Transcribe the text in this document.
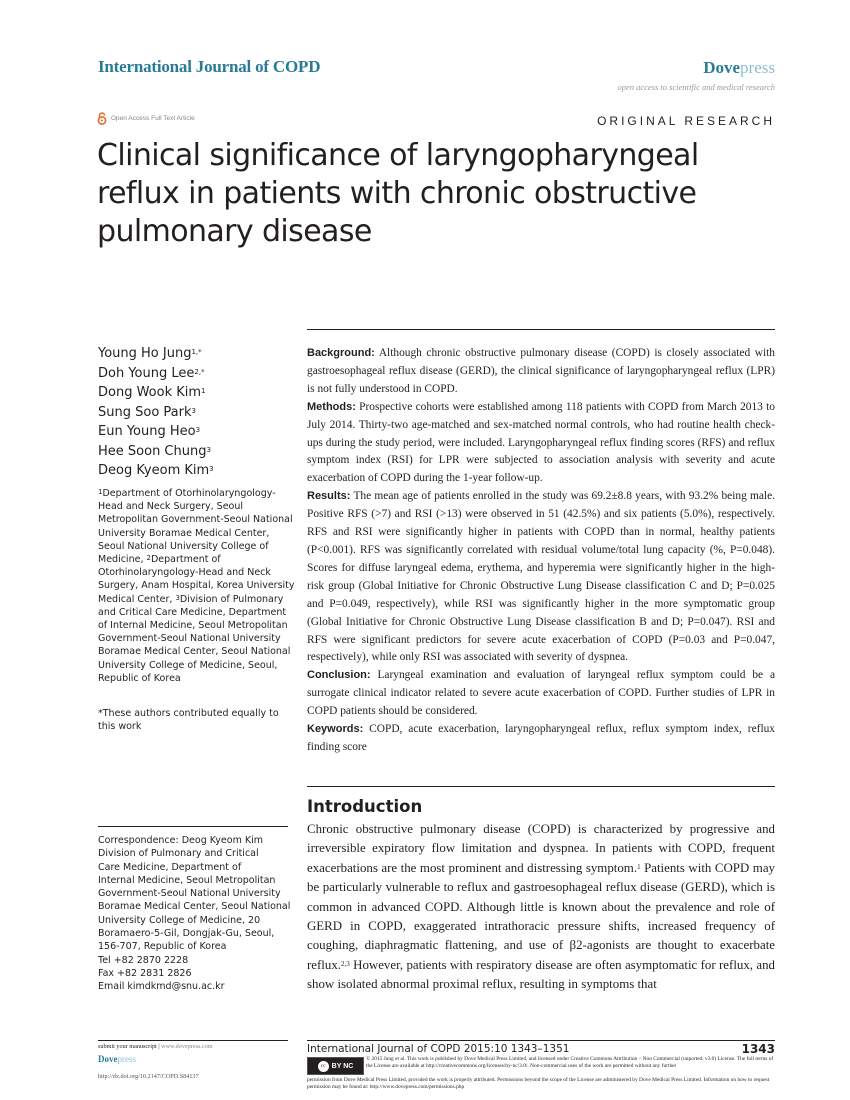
International Journal of COPD	Dovepress
open access to scientific and medical research
Open Access Full Text Article	ORIGINAL RESEARCH
Clinical significance of laryngopharyngeal reflux in patients with chronic obstructive pulmonary disease
Young Ho Jung$^{1,*}$
Doh Young Lee$^{2,*}$
Dong Wook Kim$^1$
Sung Soo Park$^3$
Eun Young Heo$^3$
Hee Soon Chung$^3$
Deog Kyeom Kim$^3$
$^1$Department of Otorhinolaryngology-Head and Neck Surgery, Seoul Metropolitan Government-Seoul National University Boramae Medical Center, Seoul National University College of Medicine, $^2$Department of Otorhinolaryngology-Head and Neck Surgery, Anam Hospital, Korea University Medical Center, $^3$Division of Pulmonary and Critical Care Medicine, Department of Internal Medicine, Seoul Metropolitan Government-Seoul National University Boramae Medical Center, Seoul National University College of Medicine, Seoul, Republic of Korea
*These authors contributed equally to this work
Correspondence: Deog Kyeom Kim
Division of Pulmonary and Critical
Care Medicine, Department of
Internal Medicine, Seoul Metropolitan
Government-Seoul National University
Boramae Medical Center, Seoul National
University College of Medicine, 20
Boramaero-5-Gil, Dongjak-Gu, Seoul,
156-707, Republic of Korea
Tel +82 2870 2228
Fax +82 2831 2826
Email kimdkmd@snu.ac.kr

Background: Although chronic obstructive pulmonary disease (COPD) is closely associated with gastroesophageal reflux disease (GERD), the clinical significance of laryngopharyngeal reflux (LPR) is not fully understood in COPD.

Methods: Prospective cohorts were established among 118 patients with COPD from March 2013 to July 2014. Thirty-two age-matched and sex-matched normal controls, who had routine health check-ups during the study period, were included. Laryngopharyngeal reflux finding scores (RFS) and reflux symptom index (RSI) for LPR were subjected to association analysis with severity and acute exacerbation of COPD during the 1-year follow-up.

Results: The mean age of patients enrolled in the study was 69.2±8.8 years, with 93.2% being male. Positive RFS (>7) and RSI (>13) were observed in 51 (42.5%) and six patients (5.0%), respectively. RFS and RSI were significantly higher in patients with COPD than in normal, healthy patients (P<0.001). RFS was significantly correlated with residual volume/total lung capacity (%, P=0.048). Scores for diffuse laryngeal edema, erythema, and hyperemia were significantly higher in the high-risk group (Global Initiative for Chronic Obstructive Lung Disease classification C and D; P=0.025 and P=0.049, respectively), while RSI was significantly higher in the more symptomatic group (Global Initiative for Chronic Obstructive Lung Disease classification B and D; P=0.047). RSI and RFS were significant predictors for severe acute exacerbation of COPD (P=0.03 and P=0.047, respectively), while only RSI was associated with severity of dyspnea.

Conclusion: Laryngeal examination and evaluation of laryngeal reflux symptom could be a surrogate clinical indicator related to severe acute exacerbation of COPD. Further studies of LPR in COPD patients should be considered.

Keywords: COPD, acute exacerbation, laryngopharyngeal reflux, reflux symptom index, reflux finding score

Introduction
Chronic obstructive pulmonary disease (COPD) is characterized by progressive and irreversible expiratory flow limitation and dyspnea. In patients with COPD, frequent exacerbations are the most prominent and distressing symptom.$^1$ Patients with COPD may be particularly vulnerable to reflux and gastroesophageal reflux disease (GERD), which is common in advanced COPD. Although little is known about the prevalence and role of GERD in COPD, exaggerated intrathoracic pressure shifts, increased frequency of coughing, diaphragmatic flattening, and use of β2-agonists are thought to exacerbate reflux.$^{2,3}$ However, patients with respiratory disease are often asymptomatic for reflux, and show isolated abnormal proximal reflux, resulting in symptoms that
submit your manuscript | www.dovepress.com
Dovepress
http://dx.doi.org/10.2147/COPD.S84137
International Journal of COPD 2015:10 1343–1351	1343
cc BY NC
© 2015 Jung et al. This work is published by Dove Medical Press Limited, and licensed under Creative Commons Attribution – Non Commercial (unported, v3.0) License. The full terms of the License are available at http://creativecommons.org/licenses/by-nc/3.0/. Non-commercial uses of the work are permitted without any further
permission from Dove Medical Press Limited, provided the work is properly attributed. Permissions beyond the scope of the License are administered by Dove Medical Press Limited. Information on how to request permission may be found at: http://www.dovepress.com/permissions.php
